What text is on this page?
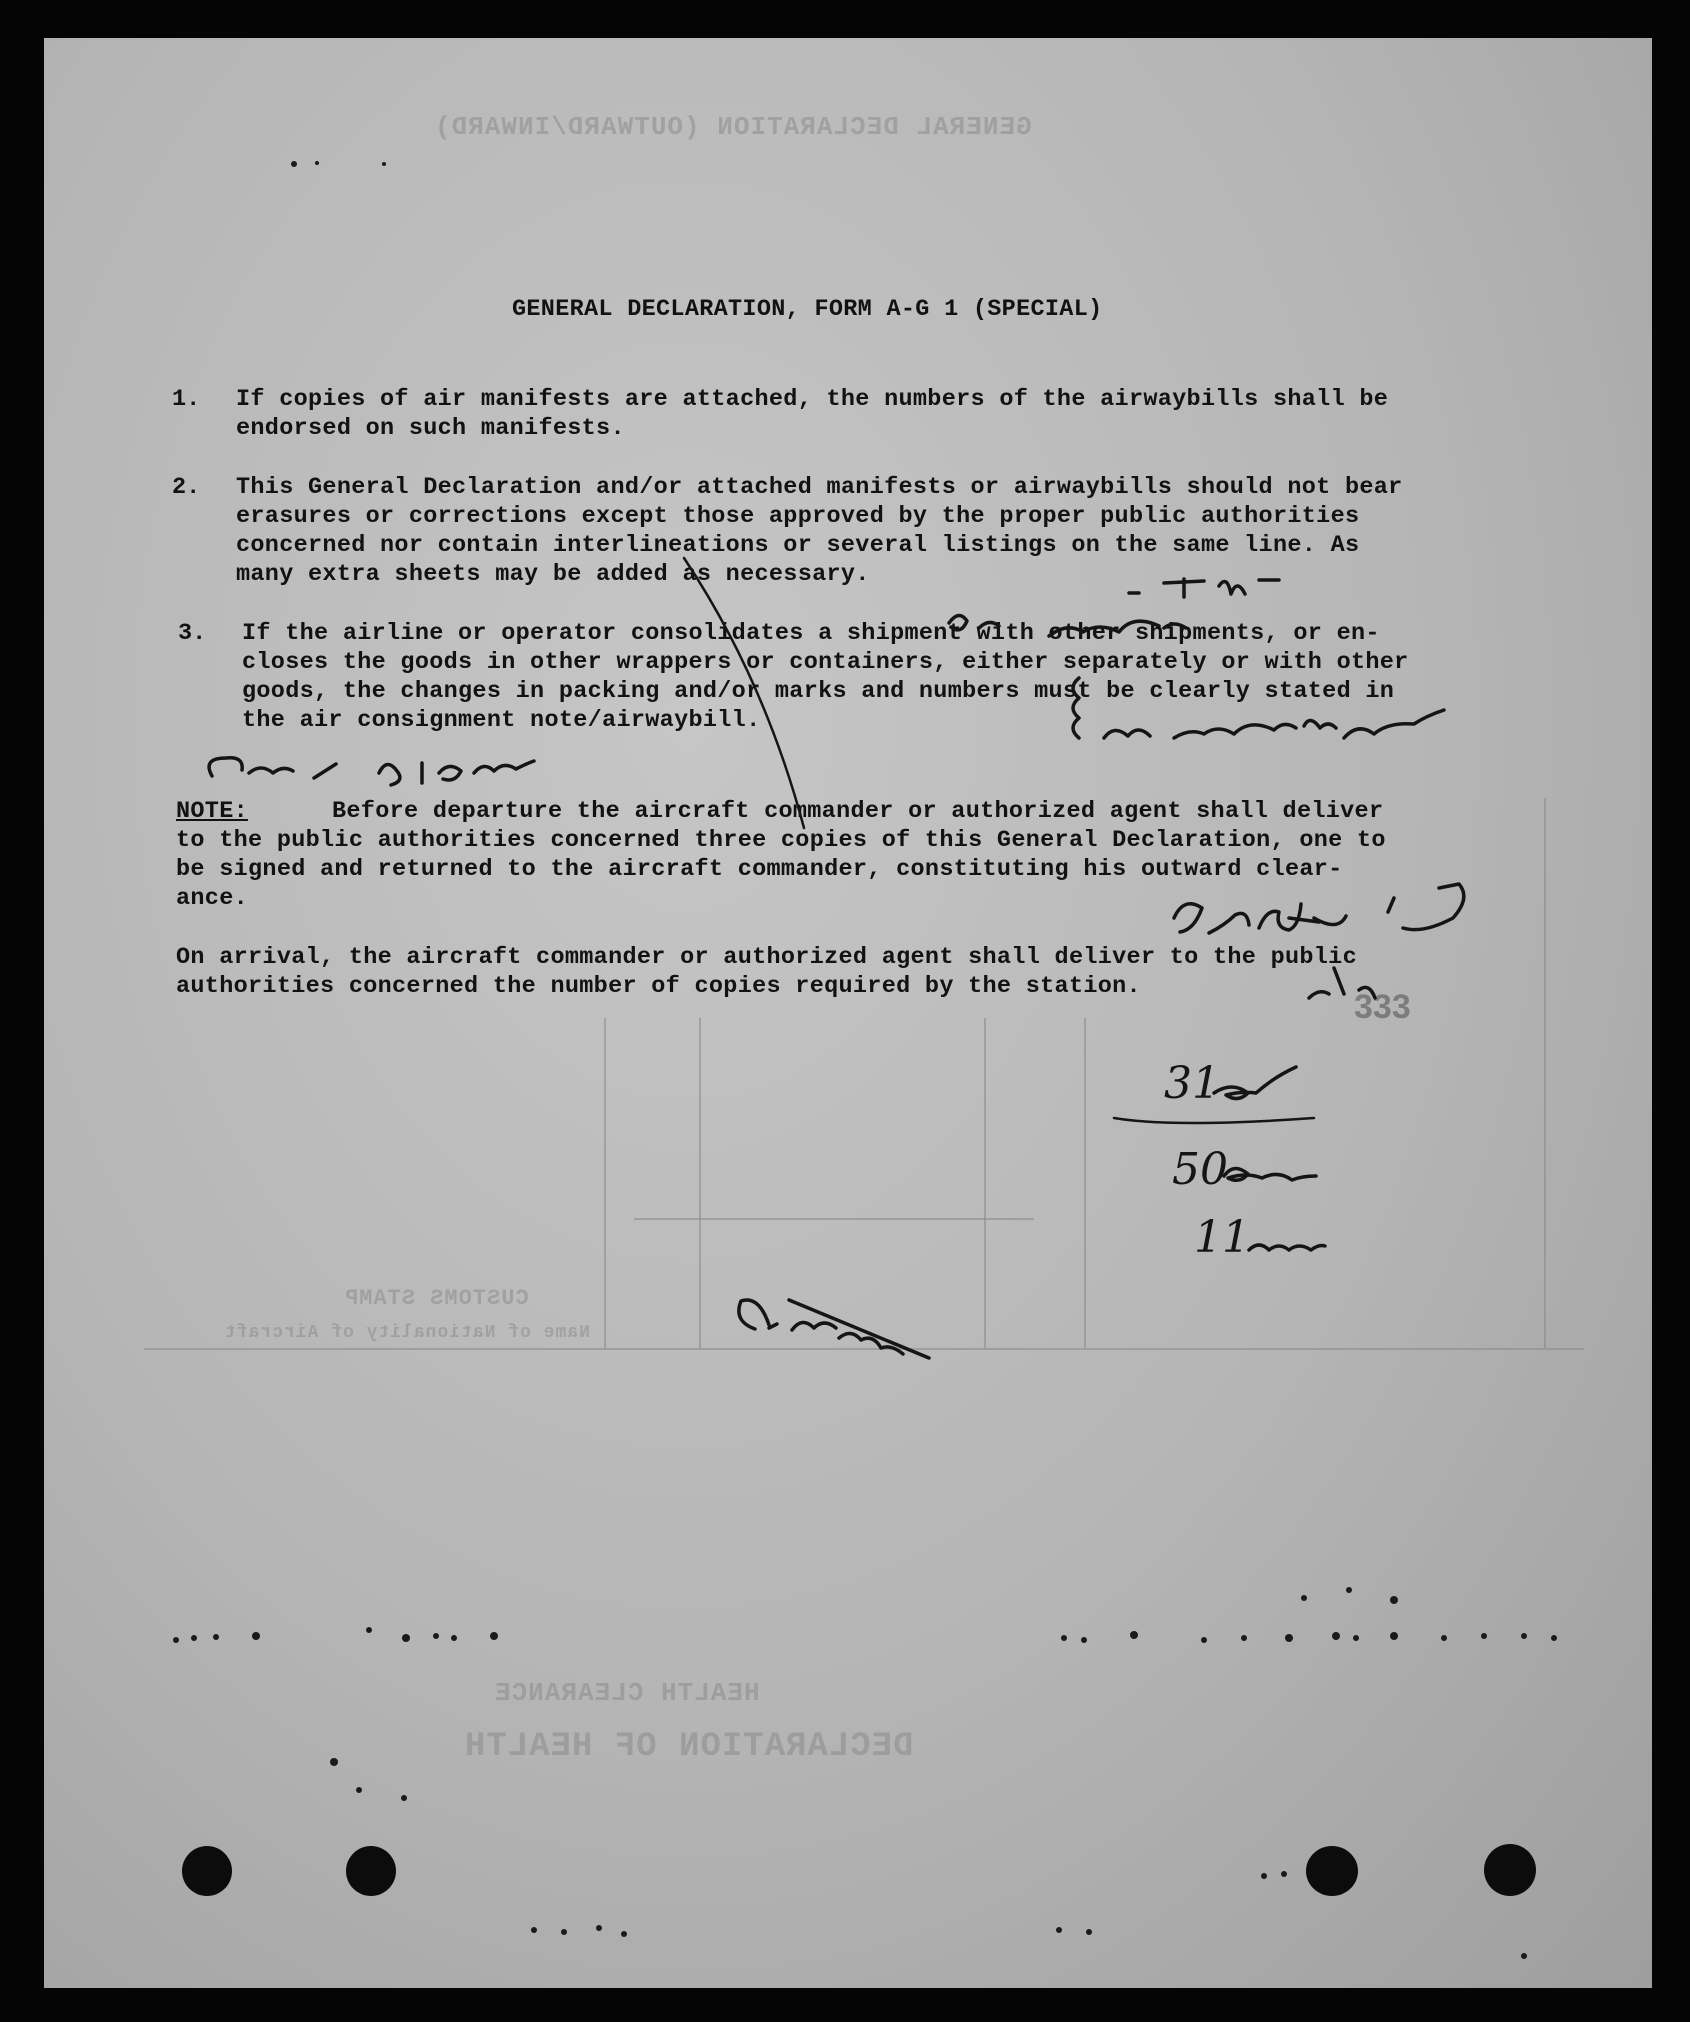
GENERAL DECLARATION (OUTWARD/INWARD)
CUSTOMS STAMP
HEALTH CLEARANCE
DECLARATION OF HEALTH
Name of Nationality of Aircraft
GENERAL DECLARATION, FORM A-G 1 (SPECIAL)
1. If copies of air manifests are attached, the numbers of the airwaybills shall be
endorsed on such manifests.
2. This General Declaration and/or attached manifests or airwaybills should not bear
erasures or corrections except those approved by the proper public authorities
concerned nor contain interlineations or several listings on the same line. As
many extra sheets may be added as necessary.
3. If the airline or operator consolidates a shipment with other shipments, or en-
closes the goods in other wrappers or containers, either separately or with other
goods, the changes in packing and/or marks and numbers must be clearly stated in
the air consignment note/airwaybill.
NOTE:	Before departure the aircraft commander or authorized agent shall deliver
to the public authorities concerned three copies of this General Declaration, one to
be signed and returned to the aircraft commander, constituting his outward clear-
ance.
On arrival, the aircraft commander or authorized agent shall deliver to the public
authorities concerned the number of copies required by the station.
333
31
50
11
